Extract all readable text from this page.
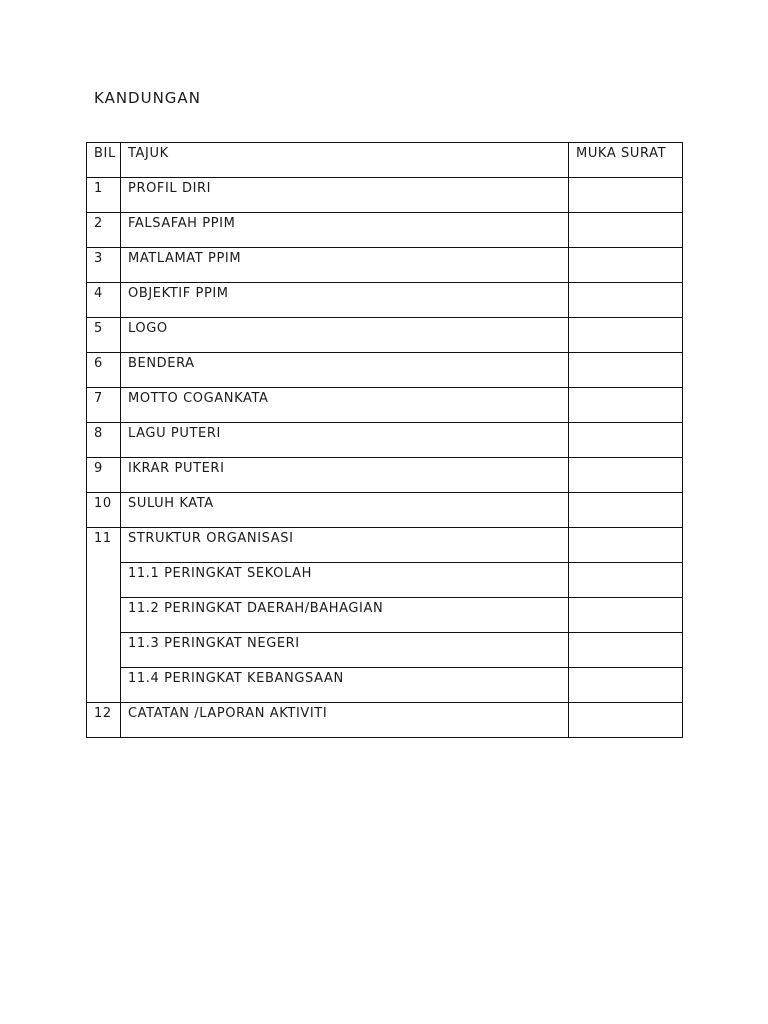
KANDUNGAN
BIL	TAJUK	MUKA SURAT

1	PROFIL DIRI	

2	FALSAFAH PPIM	

3	MATLAMAT PPIM	

4	OBJEKTIF PPIM	

5	LOGO	

6	BENDERA	

7	MOTTO COGANKATA	

8	LAGU PUTERI	

9	IKRAR PUTERI	

10	SULUH KATA	

11	STRUKTUR ORGANISASI	

	11.1 PERINGKAT SEKOLAH	

	11.2 PERINGKAT DAERAH/BAHAGIAN	

	11.3 PERINGKAT NEGERI	

	11.4 PERINGKAT KEBANGSAAN	

12	CATATAN /LAPORAN AKTIVITI	
